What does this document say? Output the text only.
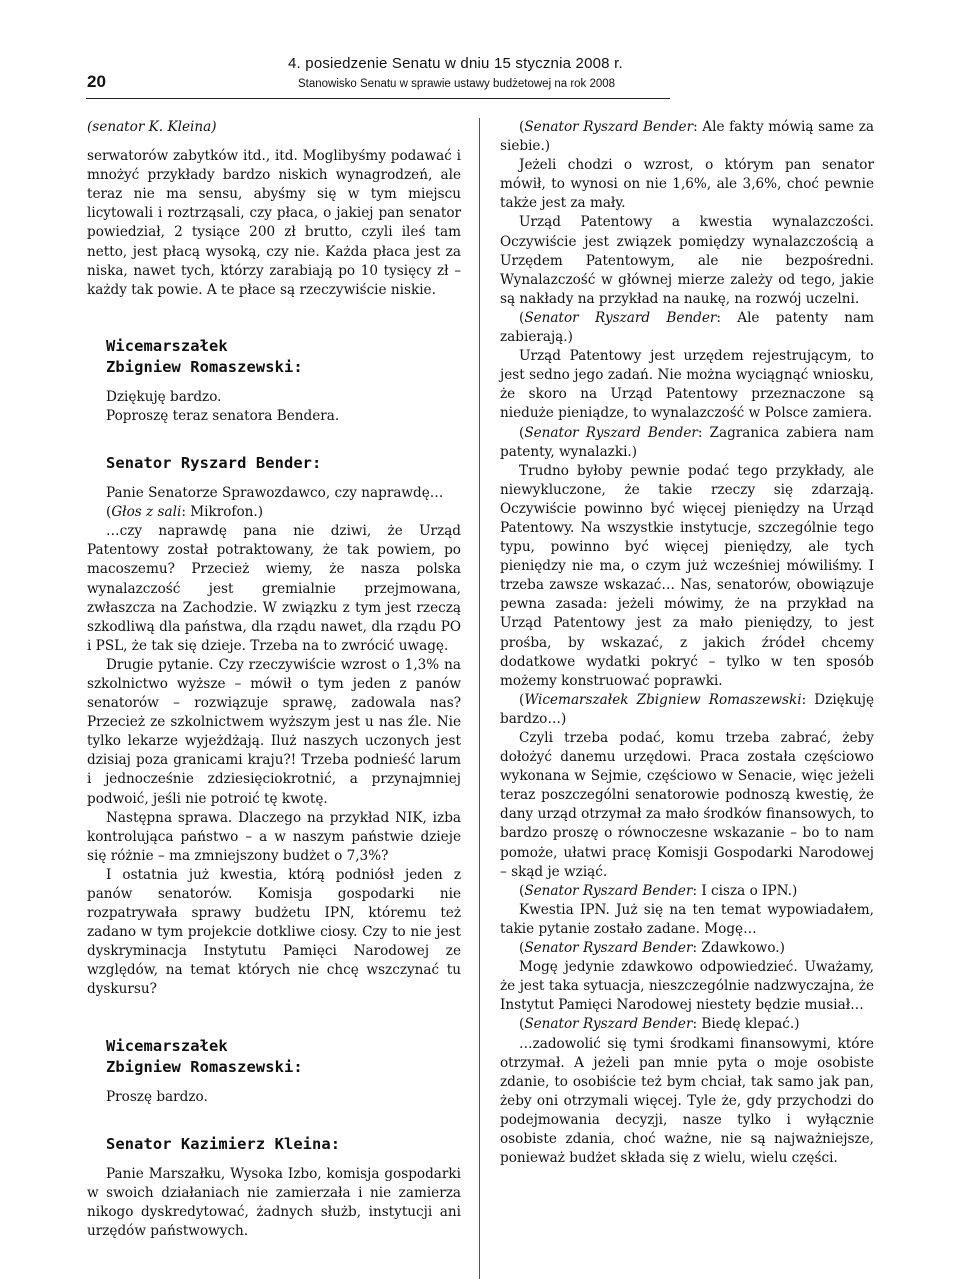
20
4. posiedzenie Senatu w dniu 15 stycznia 2008 r.
Stanowisko Senatu w sprawie ustawy budżetowej na rok 2008

(senator K. Kleina)

serwatorów zabytków itd., itd. Moglibyśmy podawać i mnożyć przykłady bardzo niskich wynagrodzeń, ale teraz nie ma sensu, abyśmy się w tym miejscu licytowali i roztrząsali, czy płaca, o jakiej pan senator powiedział, 2 tysiące 200 zł brutto, czyli ileś tam netto, jest płacą wysoką, czy nie. Każda płaca jest za niska, nawet tych, którzy zarabiają po 10 tysięcy zł – każdy tak powie. A te płace są rzeczywiście niskie.

Wicemarszałek

Zbigniew Romaszewski:

Dziękuję bardzo.

Poproszę teraz senatora Bendera.

Senator Ryszard Bender:

Panie Senatorze Sprawozdawco, czy naprawdę…

(Głos z sali: Mikrofon.)

…czy naprawdę pana nie dziwi, że Urząd Patentowy został potraktowany, że tak powiem, po macoszemu? Przecież wiemy, że nasza polska wynalazczość jest gremialnie przejmowana, zwłaszcza na Zachodzie. W związku z tym jest rzeczą szkodliwą dla państwa, dla rządu nawet, dla rządu PO i PSL, że tak się dzieje. Trzeba na to zwrócić uwagę.

Drugie pytanie. Czy rzeczywiście wzrost o 1,3% na szkolnictwo wyższe – mówił o tym jeden z panów senatorów – rozwiązuje sprawę, zadowala nas? Przecież ze szkolnictwem wyższym jest u nas źle. Nie tylko lekarze wyjeżdżają. Iluż naszych uczonych jest dzisiaj poza granicami kraju?! Trzeba podnieść larum i jednocześnie zdziesięciokrotnić, a przynajmniej podwoić, jeśli nie potroić tę kwotę.

Następna sprawa. Dlaczego na przykład NIK, izba kontrolująca państwo – a w naszym państwie dzieje się różnie – ma zmniejszony budżet o 7,3%?

I ostatnia już kwestia, którą podniósł jeden z panów senatorów. Komisja gospodarki nie rozpatrywała sprawy budżetu IPN, któremu też zadano w tym projekcie dotkliwe ciosy. Czy to nie jest dyskryminacja Instytutu Pamięci Narodowej ze względów, na temat których nie chcę wszczynać tu dyskursu?

Wicemarszałek

Zbigniew Romaszewski:

Proszę bardzo.

Senator Kazimierz Kleina:

Panie Marszałku, Wysoka Izbo, komisja gospodarki w swoich działaniach nie zamierzała i nie zamierza nikogo dyskredytować, żadnych służb, instytucji ani urzędów państwowych.

(Senator Ryszard Bender: Ale fakty mówią same za siebie.)

Jeżeli chodzi o wzrost, o którym pan senator mówił, to wynosi on nie 1,6%, ale 3,6%, choć pewnie także jest za mały.

Urząd Patentowy a kwestia wynalazczości. Oczywiście jest związek pomiędzy wynalazczością a Urzędem Patentowym, ale nie bezpośredni. Wynalazczość w głównej mierze zależy od tego, jakie są nakłady na przykład na naukę, na rozwój uczelni.

(Senator Ryszard Bender: Ale patenty nam zabierają.)

Urząd Patentowy jest urzędem rejestrującym, to jest sedno jego zadań. Nie można wyciągnąć wniosku, że skoro na Urząd Patentowy przeznaczone są nieduże pieniądze, to wynalazczość w Polsce zamiera.

(Senator Ryszard Bender: Zagranica zabiera nam patenty, wynalazki.)

Trudno byłoby pewnie podać tego przykłady, ale niewykluczone, że takie rzeczy się zdarzają. Oczywiście powinno być więcej pieniędzy na Urząd Patentowy. Na wszystkie instytucje, szczególnie tego typu, powinno być więcej pieniędzy, ale tych pieniędzy nie ma, o czym już wcześniej mówiliśmy. I trzeba zawsze wskazać… Nas, senatorów, obowiązuje pewna zasada: jeżeli mówimy, że na przykład na Urząd Patentowy jest za mało pieniędzy, to jest prośba, by wskazać, z jakich źródeł chcemy dodatkowe wydatki pokryć – tylko w ten sposób możemy konstruować poprawki.

(Wicemarszałek Zbigniew Romaszewski: Dziękuję bardzo…)

Czyli trzeba podać, komu trzeba zabrać, żeby dołożyć danemu urzędowi. Praca została częściowo wykonana w Sejmie, częściowo w Senacie, więc jeżeli teraz poszczególni senatorowie podnoszą kwestię, że dany urząd otrzymał za mało środków finansowych, to bardzo proszę o równoczesne wskazanie – bo to nam pomoże, ułatwi pracę Komisji Gospodarki Narodowej – skąd je wziąć.

(Senator Ryszard Bender: I cisza o IPN.)

Kwestia IPN. Już się na ten temat wypowiadałem, takie pytanie zostało zadane. Mogę…

(Senator Ryszard Bender: Zdawkowo.)

Mogę jedynie zdawkowo odpowiedzieć. Uważamy, że jest taka sytuacja, nieszczególnie nadzwyczajna, że Instytut Pamięci Narodowej niestety będzie musiał…

(Senator Ryszard Bender: Biedę klepać.)

…zadowolić się tymi środkami finansowymi, które otrzymał. A jeżeli pan mnie pyta o moje osobiste zdanie, to osobiście też bym chciał, tak samo jak pan, żeby oni otrzymali więcej. Tyle że, gdy przychodzi do podejmowania decyzji, nasze tylko i wyłącznie osobiste zdania, choć ważne, nie są najważniejsze, ponieważ budżet składa się z wielu, wielu części.
